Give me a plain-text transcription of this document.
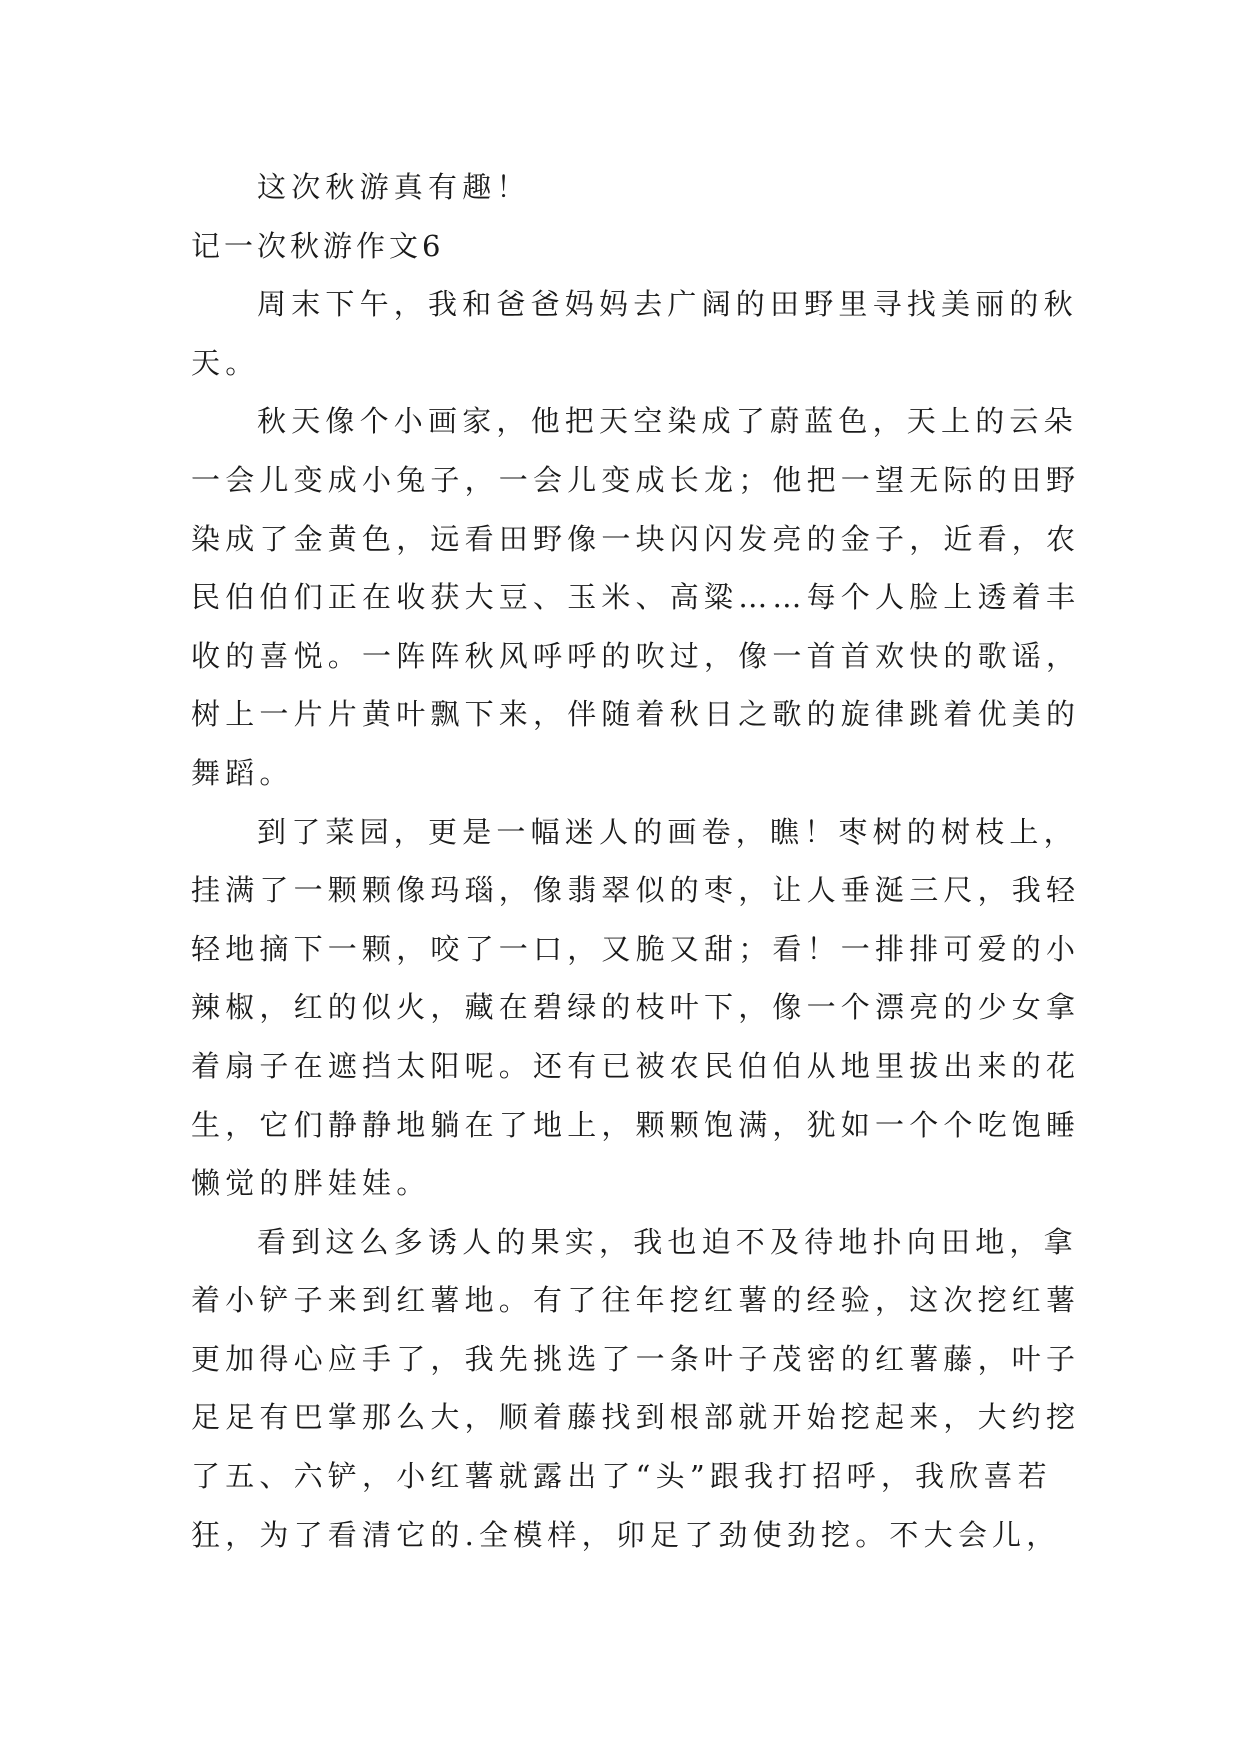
这次秋游真有趣！
记一次秋游作文6
周末下午，我和爸爸妈妈去广阔的田野里寻找美丽的秋
天。
秋天像个小画家，他把天空染成了蔚蓝色，天上的云朵
一会儿变成小兔子，一会儿变成长龙；他把一望无际的田野
染成了金黄色，远看田野像一块闪闪发亮的金子，近看，农
民伯伯们正在收获大豆、玉米、高粱……每个人脸上透着丰
收的喜悦。一阵阵秋风呼呼的吹过，像一首首欢快的歌谣，
树上一片片黄叶飘下来，伴随着秋日之歌的旋律跳着优美的
舞蹈。
到了菜园，更是一幅迷人的画卷，瞧！枣树的树枝上，
挂满了一颗颗像玛瑙，像翡翠似的枣，让人垂涎三尺，我轻
轻地摘下一颗，咬了一口，又脆又甜；看！一排排可爱的小
辣椒，红的似火，藏在碧绿的枝叶下，像一个漂亮的少女拿
着扇子在遮挡太阳呢。还有已被农民伯伯从地里拔出来的花
生，它们静静地躺在了地上，颗颗饱满，犹如一个个吃饱睡
懒觉的胖娃娃。
看到这么多诱人的果实，我也迫不及待地扑向田地，拿
着小铲子来到红薯地。有了往年挖红薯的经验，这次挖红薯
更加得心应手了，我先挑选了一条叶子茂密的红薯藤，叶子
足足有巴掌那么大，顺着藤找到根部就开始挖起来，大约挖
了五、六铲，小红薯就露出了“头”跟我打招呼，我欣喜若
狂，为了看清它的.全模样，卯足了劲使劲挖。不大会儿，
